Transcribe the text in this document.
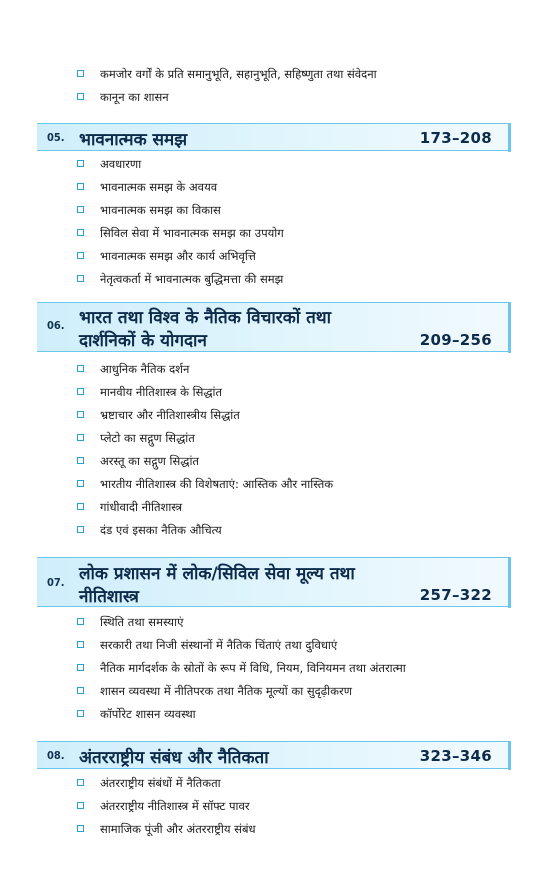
कमजोर वर्गों के प्रति समानुभूति, सहानुभूति, सहिष्णुता तथा संवेदना
कानून का शासन
05. भावनात्मक समझ	173–208
अवधारणा
भावनात्मक समझ के अवयव
भावनात्मक समझ का विकास
सिविल सेवा में भावनात्मक समझ का उपयोग
भावनात्मक समझ और कार्य अभिवृत्ति
नेतृत्वकर्ता में भावनात्मक बुद्धिमत्ता की समझ
06. भारत तथा विश्व के नैतिक विचारकों तथा
दार्शनिकों के योगदान	209–256
आधुनिक नैतिक दर्शन
मानवीय नीतिशास्त्र के सिद्धांत
भ्रष्टाचार और नीतिशास्त्रीय सिद्धांत
प्लेटो का सद्गुण सिद्धांत
अरस्तू का सद्गुण सिद्धांत
भारतीय नीतिशास्त्र की विशेषताएं: आस्तिक और नास्तिक
गांधीवादी नीतिशास्त्र
दंड एवं इसका नैतिक औचित्य
07. लोक प्रशासन में लोक/सिविल सेवा मूल्य तथा
नीतिशास्त्र	257–322
स्थिति तथा समस्याएं
सरकारी तथा निजी संस्थानों में नैतिक चिंताएं तथा दुविधाएं
नैतिक मार्गदर्शक के स्रोतों के रूप में विधि, नियम, विनियमन तथा अंतरात्मा
शासन व्यवस्था में नीतिपरक तथा नैतिक मूल्यों का सुदृढ़ीकरण
कॉर्पोरेट शासन व्यवस्था
08. अंतरराष्ट्रीय संबंध और नैतिकता	323–346
अंतरराष्ट्रीय संबंधों में नैतिकता
अंतरराष्ट्रीय नीतिशास्त्र में सॉफ्ट पावर
सामाजिक पूंजी और अंतरराष्ट्रीय संबंध
